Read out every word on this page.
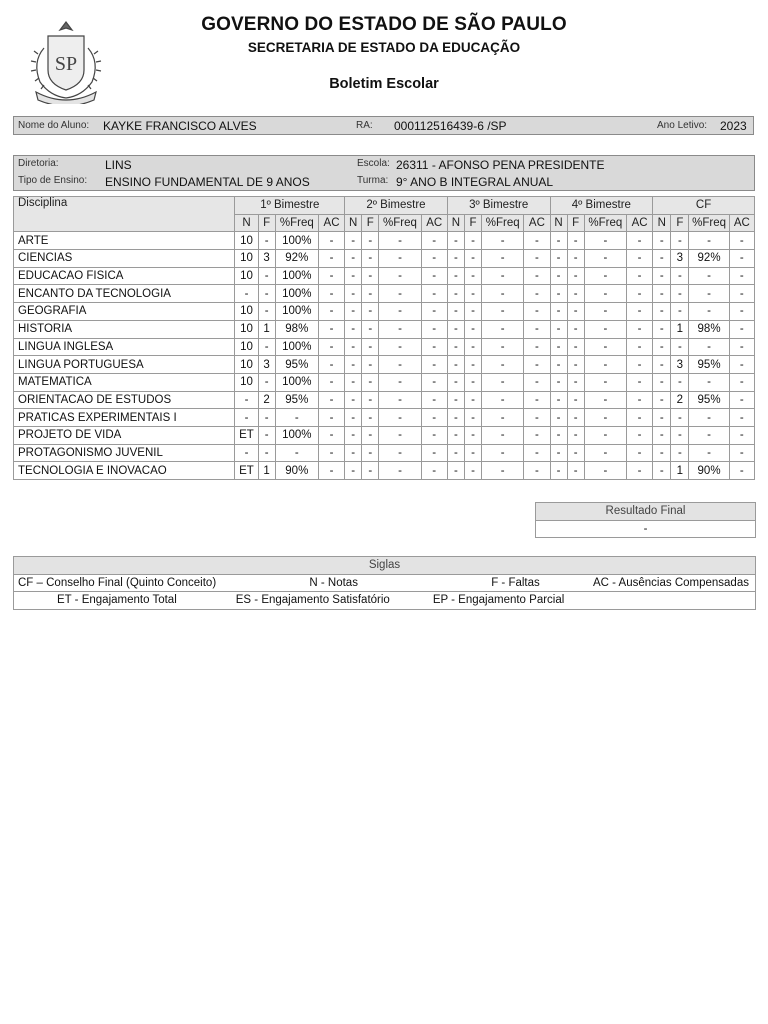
SP
GOVERNO DO ESTADO DE SÃO PAULO
SECRETARIA DE ESTADO DA EDUCAÇÃO
Boletim Escolar
Nome do Aluno: KAYKE FRANCISCO ALVES	RA: 000112516439-6 /SP	Ano Letivo: 2023
Diretoria:	LINS	Escola: 26311 - AFONSO PENA PRESIDENTE
Tipo de Ensino: ENSINO FUNDAMENTAL DE 9 ANOS	Turma: 9° ANO B INTEGRAL ANUAL
Disciplina	1º Bimestre				2º Bimestre				3º Bimestre				4º Bimestre				CF			
	N	F	%Freq	AC	N	F	%Freq	AC	N	F	%Freq	AC	N	F	%Freq	AC	N	F	%Freq	AC
ARTE	10	-	100%	-	-	-	-	-	-	-	-	-	-	-	-	-	-	-	-	-
CIENCIAS	10	3	92%	-	-	-	-	-	-	-	-	-	-	-	-	-	-	3	92%	-
EDUCACAO FISICA	10	-	100%	-	-	-	-	-	-	-	-	-	-	-	-	-	-	-	-	-
ENCANTO DA TECNOLOGIA	-	-	100%	-	-	-	-	-	-	-	-	-	-	-	-	-	-	-	-	-
GEOGRAFIA	10	-	100%	-	-	-	-	-	-	-	-	-	-	-	-	-	-	-	-	-
HISTORIA	10	1	98%	-	-	-	-	-	-	-	-	-	-	-	-	-	-	1	98%	-
LINGUA INGLESA	10	-	100%	-	-	-	-	-	-	-	-	-	-	-	-	-	-	-	-	-
LINGUA PORTUGUESA	10	3	95%	-	-	-	-	-	-	-	-	-	-	-	-	-	-	3	95%	-
MATEMATICA	10	-	100%	-	-	-	-	-	-	-	-	-	-	-	-	-	-	-	-	-
ORIENTACAO DE ESTUDOS	-	2	95%	-	-	-	-	-	-	-	-	-	-	-	-	-	-	2	95%	-
PRATICAS EXPERIMENTAIS I	-	-	-	-	-	-	-	-	-	-	-	-	-	-	-	-	-	-	-	-
PROJETO DE VIDA	ET	-	100%	-	-	-	-	-	-	-	-	-	-	-	-	-	-	-	-	-
PROTAGONISMO JUVENIL	-	-	-	-	-	-	-	-	-	-	-	-	-	-	-	-	-	-	-	-
TECNOLOGIA E INOVACAO	ET	1	90%	-	-	-	-	-	-	-	-	-	-	-	-	-	-	1	90%	-
Resultado Final
-
Siglas

CF – Conselho Final (Quinto Conceito)	N - Notas	F - Faltas	AC - Ausências Compensadas

ET - Engajamento Total	ES - Engajamento Satisfatório	EP - Engajamento Parcial
